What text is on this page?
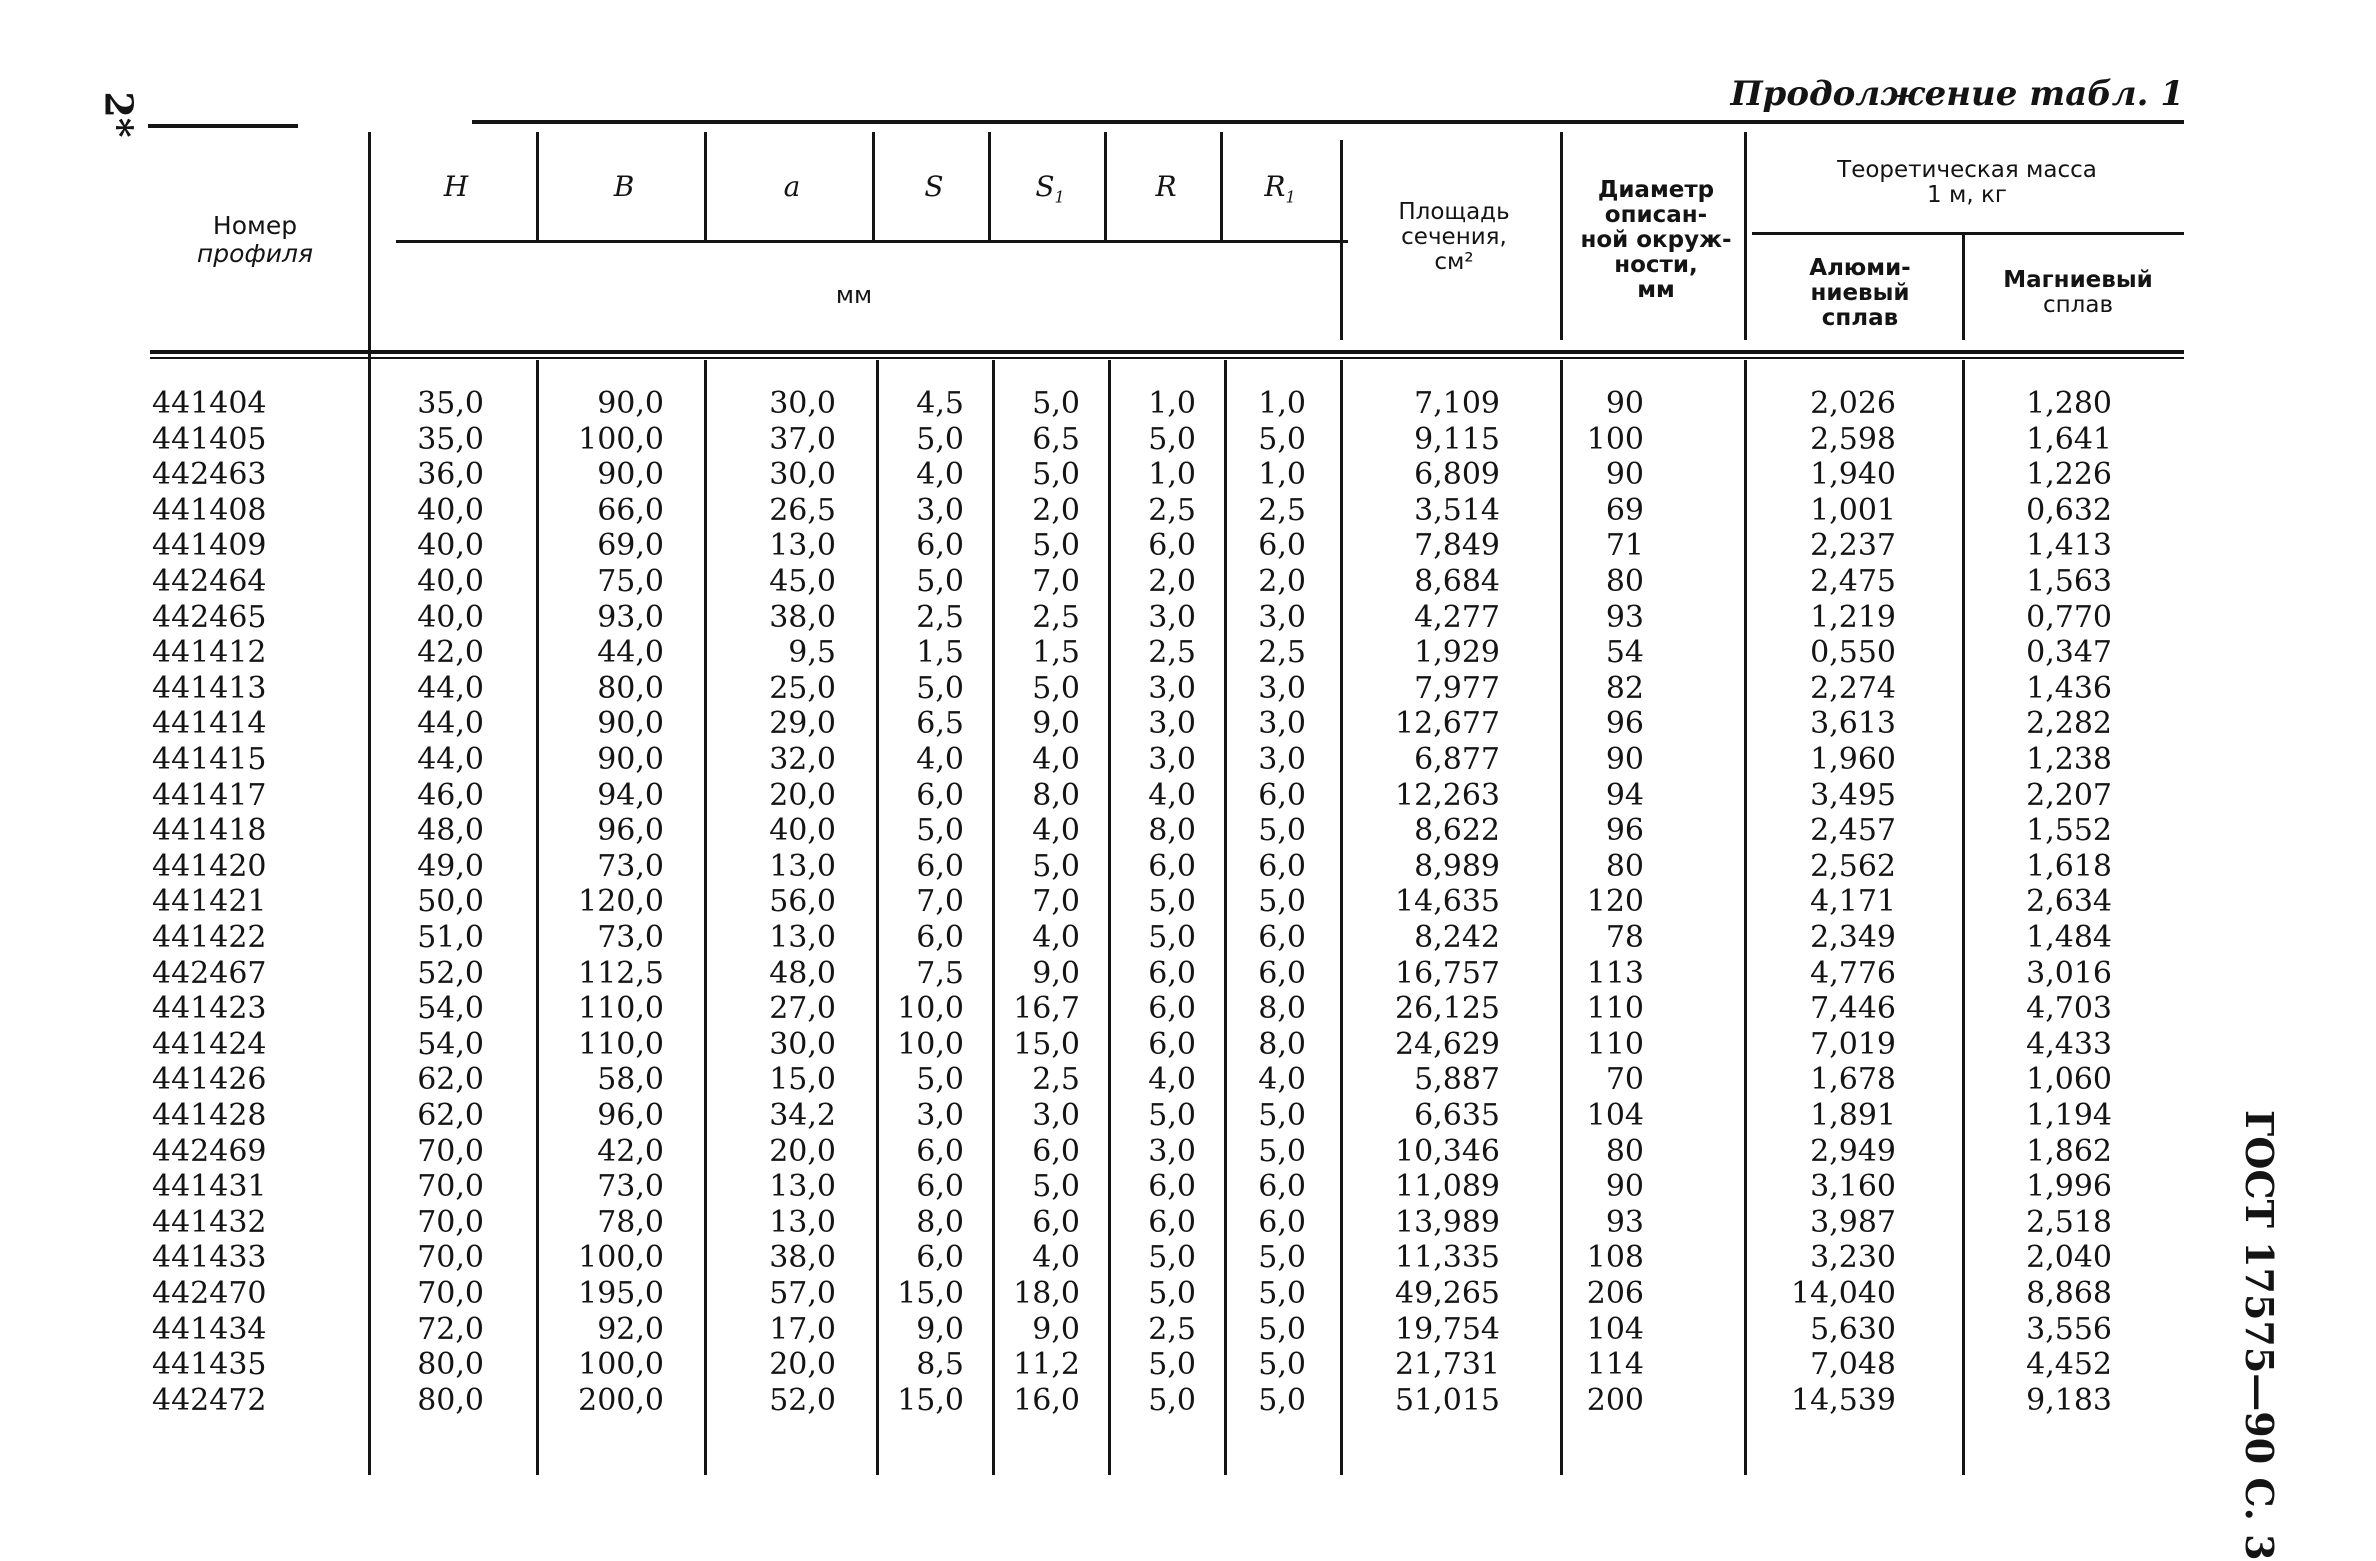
2*	Продолжение табл. 1
Номер
профиля
H	B	a	S	$S_1$	R	$R_1$
мм
Площадь
сечения,
см²
Диаметр
описан-
ной окруж-
ности,
мм
Теоретическая масса
1 м, кг
Алюми-
ниевый
сплав
Магниевый
сплав
441404	35,0	90,0	30,0	4,5	5,0	1,0	1,0	7,109	90	2,026	1,280
441405	35,0	100,0	37,0	5,0	6,5	5,0	5,0	9,115	100	2,598	1,641
442463	36,0	90,0	30,0	4,0	5,0	1,0	1,0	6,809	90	1,940	1,226
441408	40,0	66,0	26,5	3,0	2,0	2,5	2,5	3,514	69	1,001	0,632
441409	40,0	69,0	13,0	6,0	5,0	6,0	6,0	7,849	71	2,237	1,413
442464	40,0	75,0	45,0	5,0	7,0	2,0	2,0	8,684	80	2,475	1,563
442465	40,0	93,0	38,0	2,5	2,5	3,0	3,0	4,277	93	1,219	0,770
441412	42,0	44,0	9,5	1,5	1,5	2,5	2,5	1,929	54	0,550	0,347
441413	44,0	80,0	25,0	5,0	5,0	3,0	3,0	7,977	82	2,274	1,436
441414	44,0	90,0	29,0	6,5	9,0	3,0	3,0	12,677	96	3,613	2,282
441415	44,0	90,0	32,0	4,0	4,0	3,0	3,0	6,877	90	1,960	1,238
441417	46,0	94,0	20,0	6,0	8,0	4,0	6,0	12,263	94	3,495	2,207
441418	48,0	96,0	40,0	5,0	4,0	8,0	5,0	8,622	96	2,457	1,552
441420	49,0	73,0	13,0	6,0	5,0	6,0	6,0	8,989	80	2,562	1,618
441421	50,0	120,0	56,0	7,0	7,0	5,0	5,0	14,635	120	4,171	2,634
441422	51,0	73,0	13,0	6,0	4,0	5,0	6,0	8,242	78	2,349	1,484
442467	52,0	112,5	48,0	7,5	9,0	6,0	6,0	16,757	113	4,776	3,016
441423	54,0	110,0	27,0	10,0	16,7	6,0	8,0	26,125	110	7,446	4,703
441424	54,0	110,0	30,0	10,0	15,0	6,0	8,0	24,629	110	7,019	4,433
441426	62,0	58,0	15,0	5,0	2,5	4,0	4,0	5,887	70	1,678	1,060
441428	62,0	96,0	34,2	3,0	3,0	5,0	5,0	6,635	104	1,891	1,194
442469	70,0	42,0	20,0	6,0	6,0	3,0	5,0	10,346	80	2,949	1,862
441431	70,0	73,0	13,0	6,0	5,0	6,0	6,0	11,089	90	3,160	1,996
441432	70,0	78,0	13,0	8,0	6,0	6,0	6,0	13,989	93	3,987	2,518
441433	70,0	100,0	38,0	6,0	4,0	5,0	5,0	11,335	108	3,230	2,040
442470	70,0	195,0	57,0	15,0	18,0	5,0	5,0	49,265	206	14,040	8,868
441434	72,0	92,0	17,0	9,0	9,0	2,5	5,0	19,754	104	5,630	3,556
441435	80,0	100,0	20,0	8,5	11,2	5,0	5,0	21,731	114	7,048	4,452
442472	80,0	200,0	52,0	15,0	16,0	5,0	5,0	51,015	200	14,539	9,183	ГОСТ 17575—90 С. 3
